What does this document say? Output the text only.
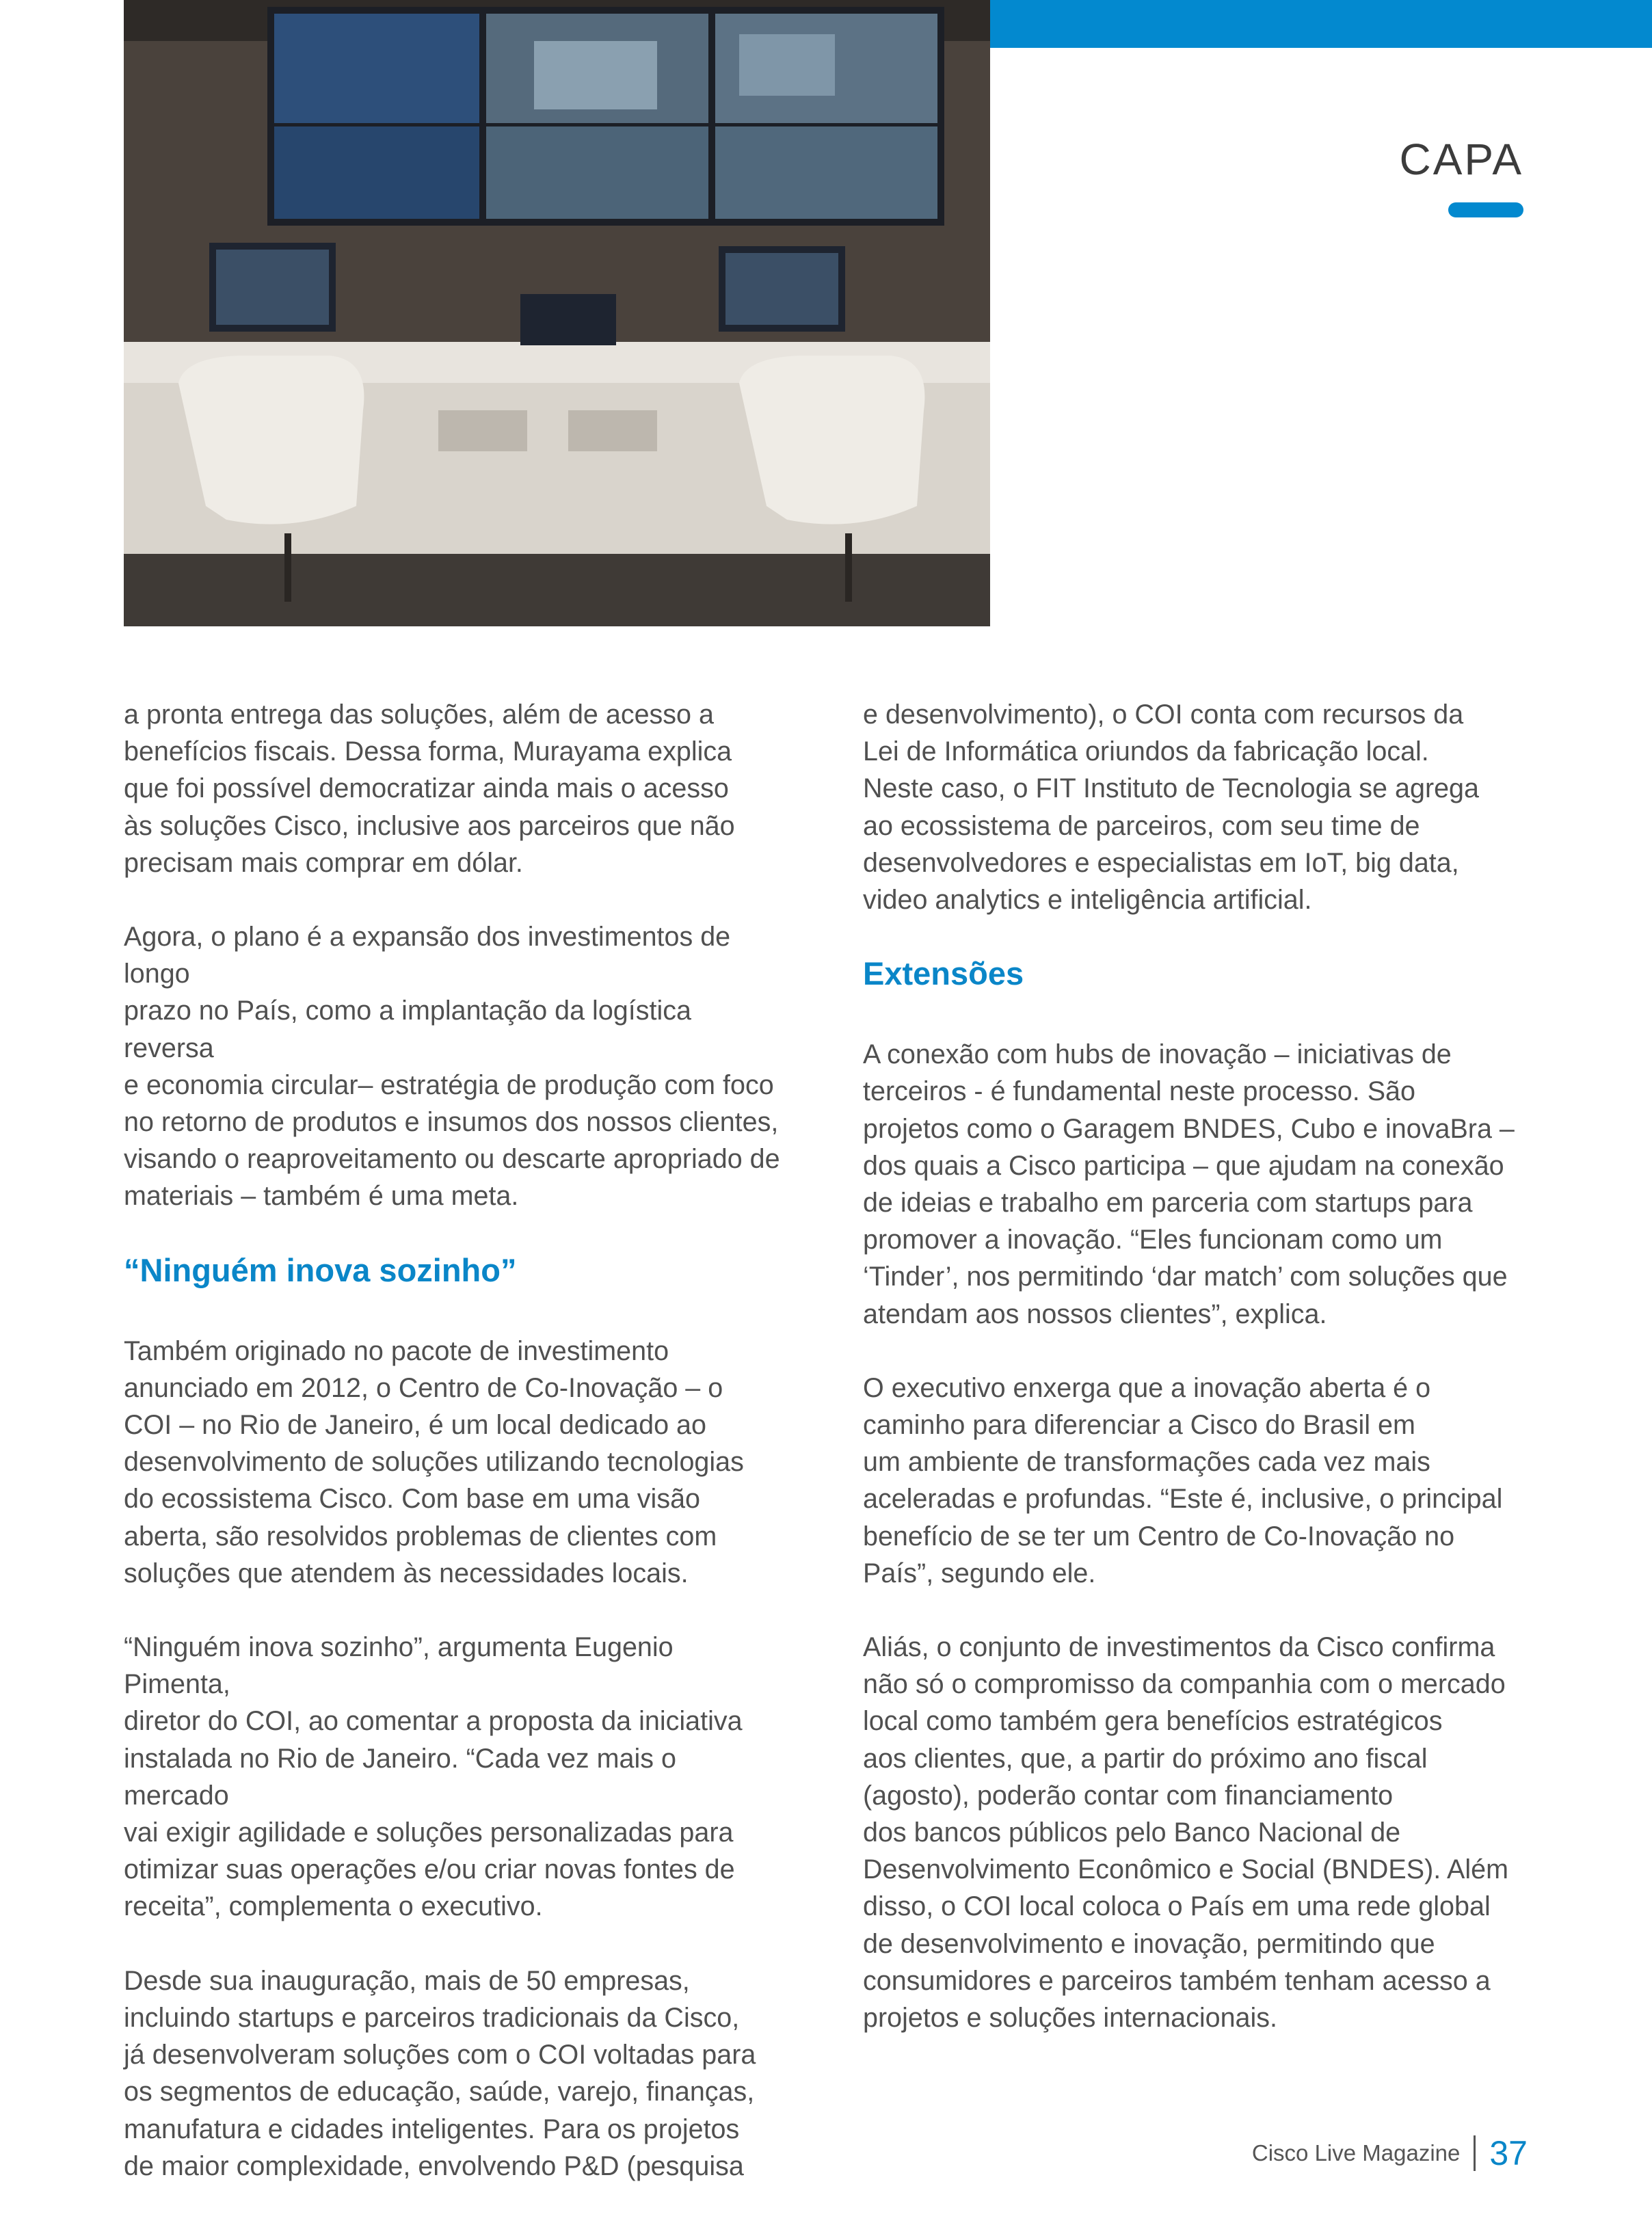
CAPA

a pronta entrega das soluções, além de acesso a
benefícios fiscais. Dessa forma, Murayama explica
que foi possível democratizar ainda mais o acesso
às soluções Cisco, inclusive aos parceiros que não
precisam mais comprar em dólar.

Agora, o plano é a expansão dos investimentos de longo
prazo no País, como a implantação da logística reversa
e economia circular– estratégia de produção com foco
no retorno de produtos e insumos dos nossos clientes,
visando o reaproveitamento ou descarte apropriado de
materiais – também é uma meta.

“Ninguém inova sozinho”

Também originado no pacote de investimento
anunciado em 2012, o Centro de Co-Inovação – o
COI – no Rio de Janeiro, é um local dedicado ao
desenvolvimento de soluções utilizando tecnologias
do ecossistema Cisco. Com base em uma visão
aberta, são resolvidos problemas de clientes com
soluções que atendem às necessidades locais.

“Ninguém inova sozinho”, argumenta Eugenio Pimenta,
diretor do COI, ao comentar a proposta da iniciativa
instalada no Rio de Janeiro. “Cada vez mais o mercado
vai exigir agilidade e soluções personalizadas para
otimizar suas operações e/ou criar novas fontes de
receita”, complementa o executivo.

Desde sua inauguração, mais de 50 empresas,
incluindo startups e parceiros tradicionais da Cisco,
já desenvolveram soluções com o COI voltadas para
os segmentos de educação, saúde, varejo, finanças,
manufatura e cidades inteligentes. Para os projetos
de maior complexidade, envolvendo P&D (pesquisa

e desenvolvimento), o COI conta com recursos da
Lei de Informática oriundos da fabricação local.
Neste caso, o FIT Instituto de Tecnologia se agrega
ao ecossistema de parceiros, com seu time de
desenvolvedores e especialistas em IoT, big data,
video analytics e inteligência artificial.

Extensões

A conexão com hubs de inovação – iniciativas de
terceiros - é fundamental neste processo. São
projetos como o Garagem BNDES, Cubo e inovaBra –
dos quais a Cisco participa – que ajudam na conexão
de ideias e trabalho em parceria com startups para
promover a inovação. “Eles funcionam como um
‘Tinder’, nos permitindo ‘dar match’ com soluções que
atendam aos nossos clientes”, explica.

O executivo enxerga que a inovação aberta é o
caminho para diferenciar a Cisco do Brasil em
um ambiente de transformações cada vez mais
aceleradas e profundas. “Este é, inclusive, o principal
benefício de se ter um Centro de Co-Inovação no
País”, segundo ele.

Aliás, o conjunto de investimentos da Cisco confirma
não só o compromisso da companhia com o mercado
local como também gera benefícios estratégicos
aos clientes, que, a partir do próximo ano fiscal
(agosto), poderão contar com financiamento
dos bancos públicos pelo Banco Nacional de
Desenvolvimento Econômico e Social (BNDES). Além
disso, o COI local coloca o País em uma rede global
de desenvolvimento e inovação, permitindo que
consumidores e parceiros também tenham acesso a
projetos e soluções internacionais.

Cisco Live Magazine 37
